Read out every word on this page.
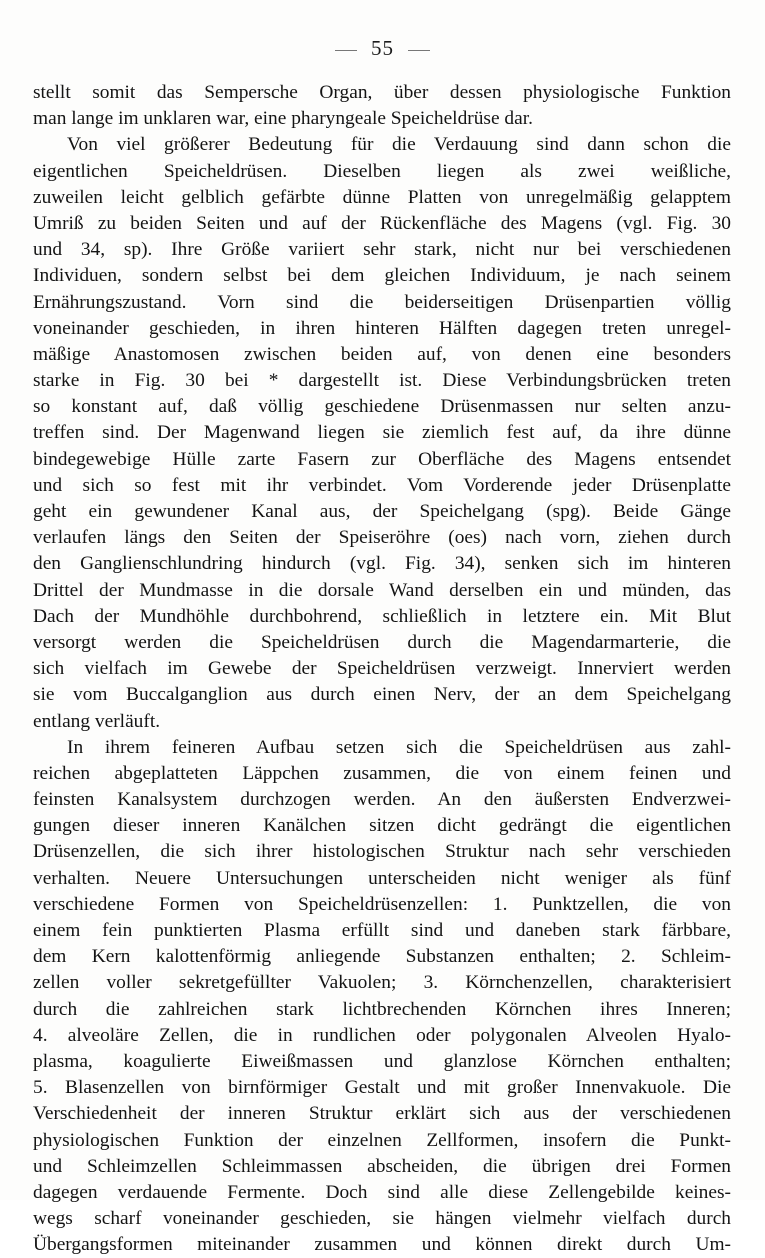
55
stellt somit das Sempersche Organ, über dessen physiologische Funktion
man lange im unklaren war, eine pharyngeale Speicheldrüse dar.
Von viel größerer Bedeutung für die Verdauung sind dann schon die
eigentlichen Speicheldrüsen. Dieselben liegen als zwei weißliche,
zuweilen leicht gelblich gefärbte dünne Platten von unregelmäßig gelapptem
Umriß zu beiden Seiten und auf der Rückenfläche des Magens (vgl. Fig. 30
und 34, sp). Ihre Größe variiert sehr stark, nicht nur bei verschiedenen
Individuen, sondern selbst bei dem gleichen Individuum, je nach seinem
Ernährungszustand. Vorn sind die beiderseitigen Drüsenpartien völlig
voneinander geschieden, in ihren hinteren Hälften dagegen treten unregel-
mäßige Anastomosen zwischen beiden auf, von denen eine besonders
starke in Fig. 30 bei * dargestellt ist. Diese Verbindungsbrücken treten
so konstant auf, daß völlig geschiedene Drüsenmassen nur selten anzu-
treffen sind. Der Magenwand liegen sie ziemlich fest auf, da ihre dünne
bindegewebige Hülle zarte Fasern zur Oberfläche des Magens entsendet
und sich so fest mit ihr verbindet. Vom Vorderende jeder Drüsenplatte
geht ein gewundener Kanal aus, der Speichelgang (spg). Beide Gänge
verlaufen längs den Seiten der Speiseröhre (oes) nach vorn, ziehen durch
den Ganglienschlundring hindurch (vgl. Fig. 34), senken sich im hinteren
Drittel der Mundmasse in die dorsale Wand derselben ein und münden, das
Dach der Mundhöhle durchbohrend, schließlich in letztere ein. Mit Blut
versorgt werden die Speicheldrüsen durch die Magendarmarterie, die
sich vielfach im Gewebe der Speicheldrüsen verzweigt. Innerviert werden
sie vom Buccalganglion aus durch einen Nerv, der an dem Speichelgang
entlang verläuft.
In ihrem feineren Aufbau setzen sich die Speicheldrüsen aus zahl-
reichen abgeplatteten Läppchen zusammen, die von einem feinen und
feinsten Kanalsystem durchzogen werden. An den äußersten Endverzwei-
gungen dieser inneren Kanälchen sitzen dicht gedrängt die eigentlichen
Drüsenzellen, die sich ihrer histologischen Struktur nach sehr verschieden
verhalten. Neuere Untersuchungen unterscheiden nicht weniger als fünf
verschiedene Formen von Speicheldrüsenzellen: 1. Punktzellen, die von
einem fein punktierten Plasma erfüllt sind und daneben stark färbbare,
dem Kern kalottenförmig anliegende Substanzen enthalten; 2. Schleim-
zellen voller sekretgefüllter Vakuolen; 3. Körnchenzellen, charakterisiert
durch die zahlreichen stark lichtbrechenden Körnchen ihres Inneren;
4. alveoläre Zellen, die in rundlichen oder polygonalen Alveolen Hyalo-
plasma, koagulierte Eiweißmassen und glanzlose Körnchen enthalten;
5. Blasenzellen von birnförmiger Gestalt und mit großer Innenvakuole. Die
Verschiedenheit der inneren Struktur erklärt sich aus der verschiedenen
physiologischen Funktion der einzelnen Zellformen, insofern die Punkt-
und Schleimzellen Schleimmassen abscheiden, die übrigen drei Formen
dagegen verdauende Fermente. Doch sind alle diese Zellengebilde keines-
wegs scharf voneinander geschieden, sie hängen vielmehr vielfach durch
Übergangsformen miteinander zusammen und können direkt durch Um-
